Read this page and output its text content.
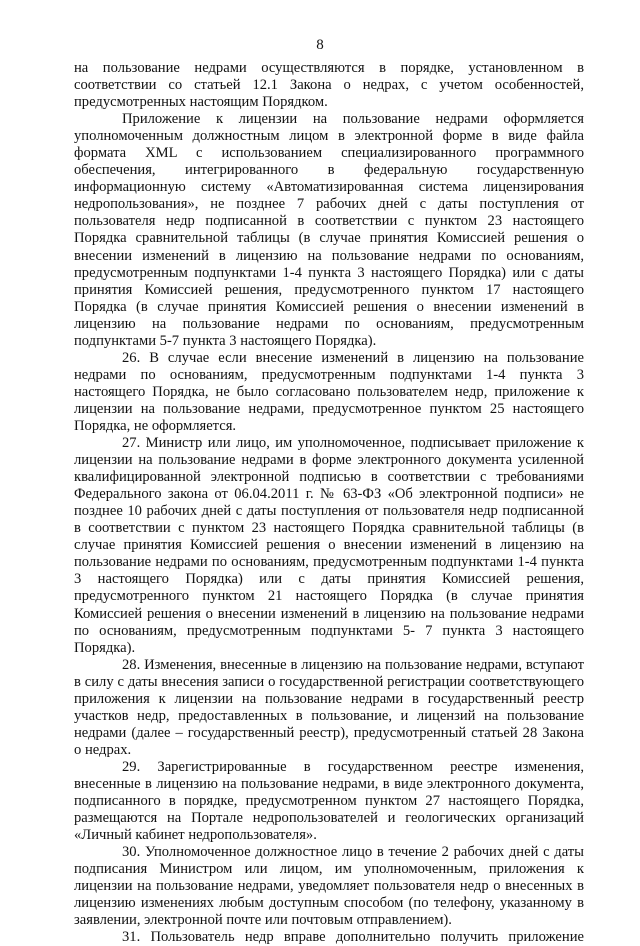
8

на пользование недрами осуществляются в порядке, установленном в соответствии со статьей 12.1 Закона о недрах, с учетом особенностей, предусмотренных настоящим Порядком.

Приложение к лицензии на пользование недрами оформляется уполномоченным должностным лицом в электронной форме в виде файла формата XML с использованием специализированного программного обеспечения, интегрированного в федеральную государственную информационную систему «Автоматизированная система лицензирования недропользования», не позднее 7 рабочих дней с даты поступления от пользователя недр подписанной в соответствии с пунктом 23 настоящего Порядка сравнительной таблицы (в случае принятия Комиссией решения о внесении изменений в лицензию на пользование недрами по основаниям, предусмотренным подпунктами 1-4 пункта 3 настоящего Порядка) или с даты принятия Комиссией решения, предусмотренного пунктом 17 настоящего Порядка (в случае принятия Комиссией решения о внесении изменений в лицензию на пользование недрами по основаниям, предусмотренным подпунктами 5-7 пункта 3 настоящего Порядка).

26. В случае если внесение изменений в лицензию на пользование недрами по основаниям, предусмотренным подпунктами 1-4 пункта 3 настоящего Порядка, не было согласовано пользователем недр, приложение к лицензии на пользование недрами, предусмотренное пунктом 25 настоящего Порядка, не оформляется.

27. Министр или лицо, им уполномоченное, подписывает приложение к лицензии на пользование недрами в форме электронного документа усиленной квалифицированной электронной подписью в соответствии с требованиями Федерального закона от 06.04.2011 г. № 63-ФЗ «Об электронной подписи» не позднее 10 рабочих дней с даты поступления от пользователя недр подписанной в соответствии с пунктом 23 настоящего Порядка сравнительной таблицы (в случае принятия Комиссией решения о внесении изменений в лицензию на пользование недрами по основаниям, предусмотренным подпунктами 1-4 пункта 3 настоящего Порядка) или с даты принятия Комиссией решения, предусмотренного пунктом 21 настоящего Порядка (в случае принятия Комиссией решения о внесении изменений в лицензию на пользование недрами по основаниям, предусмотренным подпунктами 5- 7 пункта 3 настоящего Порядка).

28. Изменения, внесенные в лицензию на пользование недрами, вступают в силу с даты внесения записи о государственной регистрации соответствующего приложения к лицензии на пользование недрами в государственный реестр участков недр, предоставленных в пользование, и лицензий на пользование недрами (далее – государственный реестр), предусмотренный статьей 28 Закона о недрах.

29. Зарегистрированные в государственном реестре изменения, внесенные в лицензию на пользование недрами, в виде электронного документа, подписанного в порядке, предусмотренном пунктом 27 настоящего Порядка, размещаются на Портале недропользователей и геологических организаций «Личный кабинет недропользователя».

30. Уполномоченное должностное лицо в течение 2 рабочих дней с даты подписания Министром или лицом, им уполномоченным, приложения к лицензии на пользование недрами, уведомляет пользователя недр о внесенных в лицензию изменениях любым доступным способом (по телефону, указанному в заявлении, электронной почте или почтовым отправлением).

31. Пользователь недр вправе дополнительно получить приложение
